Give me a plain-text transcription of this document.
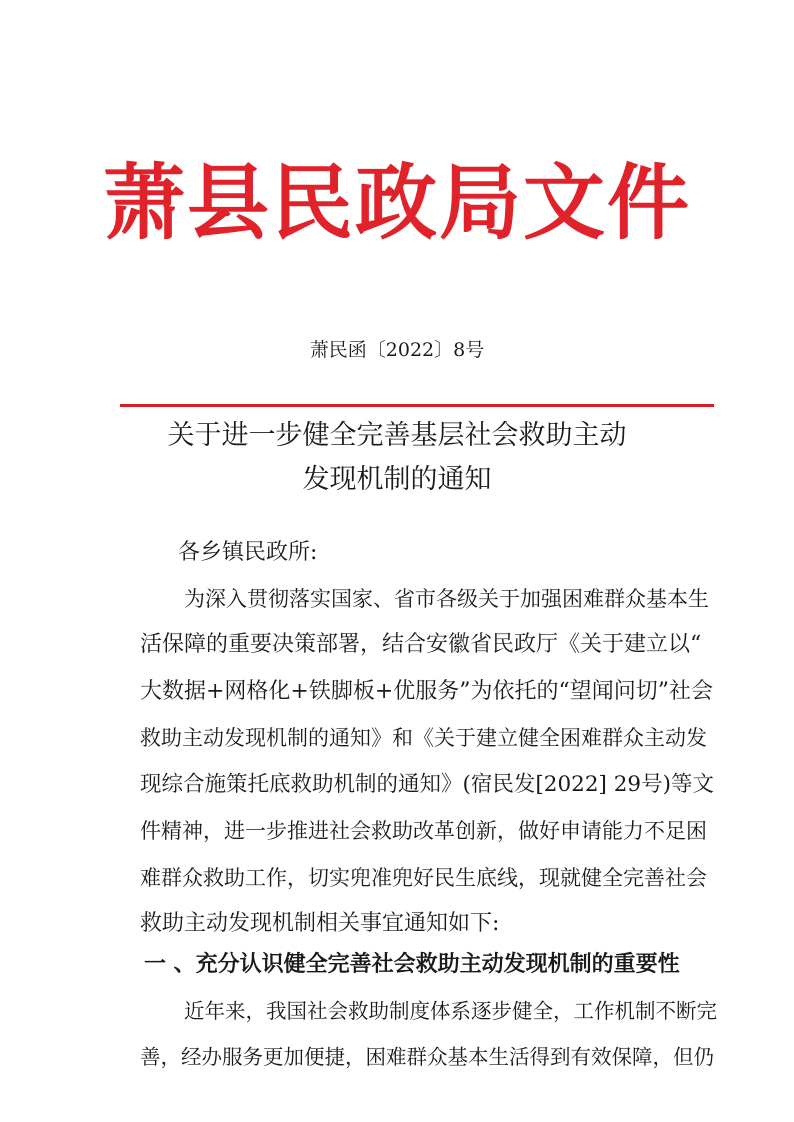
萧县民政局文件
萧民函〔2022〕8号
关于进一步健全完善基层社会救助主动
发现机制的通知
各乡镇民政所:
为深入贯彻落实国家、省市各级关于加强困难群众基本生
活保障的重要决策部署，结合安徽省民政厅《关于建立以“
大数据+网格化+铁脚板+优服务”为依托的“望闻问切”社会
救助主动发现机制的通知》和《关于建立健全困难群众主动发
现综合施策托底救助机制的通知》(宿民发[2022] 29号)等文
件精神，进一步推进社会救助改革创新，做好申请能力不足困
难群众救助工作，切实兜准兜好民生底线，现就健全完善社会
救助主动发现机制相关事宜通知如下:
一 、充分认识健全完善社会救助主动发现机制的重要性
近年来，我国社会救助制度体系逐步健全，工作机制不断完
善，经办服务更加便捷，困难群众基本生活得到有效保障，但仍
